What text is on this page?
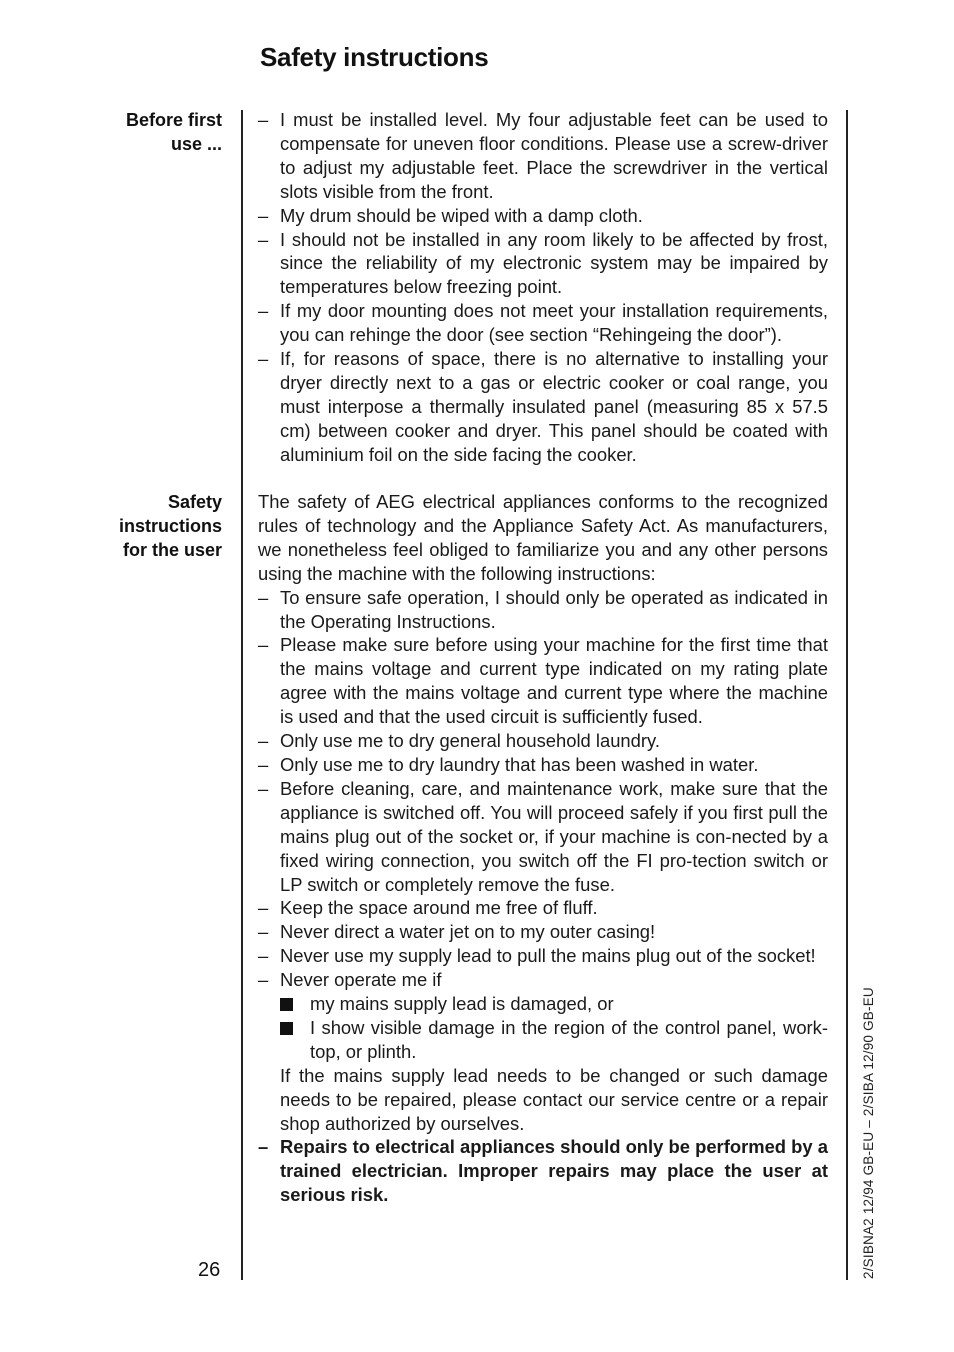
Safety instructions
Before first
use ...
– I must be installed level. My four adjustable feet can be used to compensate for uneven floor conditions. Please use a screw-driver to adjust my adjustable feet. Place the screwdriver in the vertical slots visible from the front.
– My drum should be wiped with a damp cloth.
– I should not be installed in any room likely to be affected by frost, since the reliability of my electronic system may be impaired by temperatures below freezing point.
– If my door mounting does not meet your installation requirements, you can rehinge the door (see section “Rehingeing the door”).
– If, for reasons of space, there is no alternative to installing your dryer directly next to a gas or electric cooker or coal range, you must interpose a thermally insulated panel (measuring 85 x 57.5 cm) between cooker and dryer. This panel should be coated with aluminium foil on the side facing the cooker.
Safety
instructions
for the user
The safety of AEG electrical appliances conforms to the recognized rules of technology and the Appliance Safety Act. As manufacturers, we nonetheless feel obliged to familiarize you and any other persons using the machine with the following instructions:
– To ensure safe operation, I should only be operated as indicated in the Operating Instructions.
– Please make sure before using your machine for the first time that the mains voltage and current type indicated on my rating plate agree with the mains voltage and current type where the machine is used and that the used circuit is sufficiently fused.
– Only use me to dry general household laundry.
– Only use me to dry laundry that has been washed in water.
– Before cleaning, care, and maintenance work, make sure that the appliance is switched off. You will proceed safely if you first pull the mains plug out of the socket or, if your machine is con-nected by a fixed wiring connection, you switch off the FI pro-tection switch or LP switch or completely remove the fuse.
– Keep the space around me free of fluff.
– Never direct a water jet on to my outer casing!
– Never use my supply lead to pull the mains plug out of the socket!
– Never operate me if
my mains supply lead is damaged, or
I show visible damage in the region of the control panel, work-top, or plinth.
If the mains supply lead needs to be changed or such damage needs to be repaired, please contact our service centre or a repair shop authorized by ourselves.
– Repairs to electrical appliances should only be performed by a trained electrician. Improper repairs may place the user at serious risk.
26	2/SIBNA2 12/94 GB-EU – 2/SIBA 12/90 GB-EU
